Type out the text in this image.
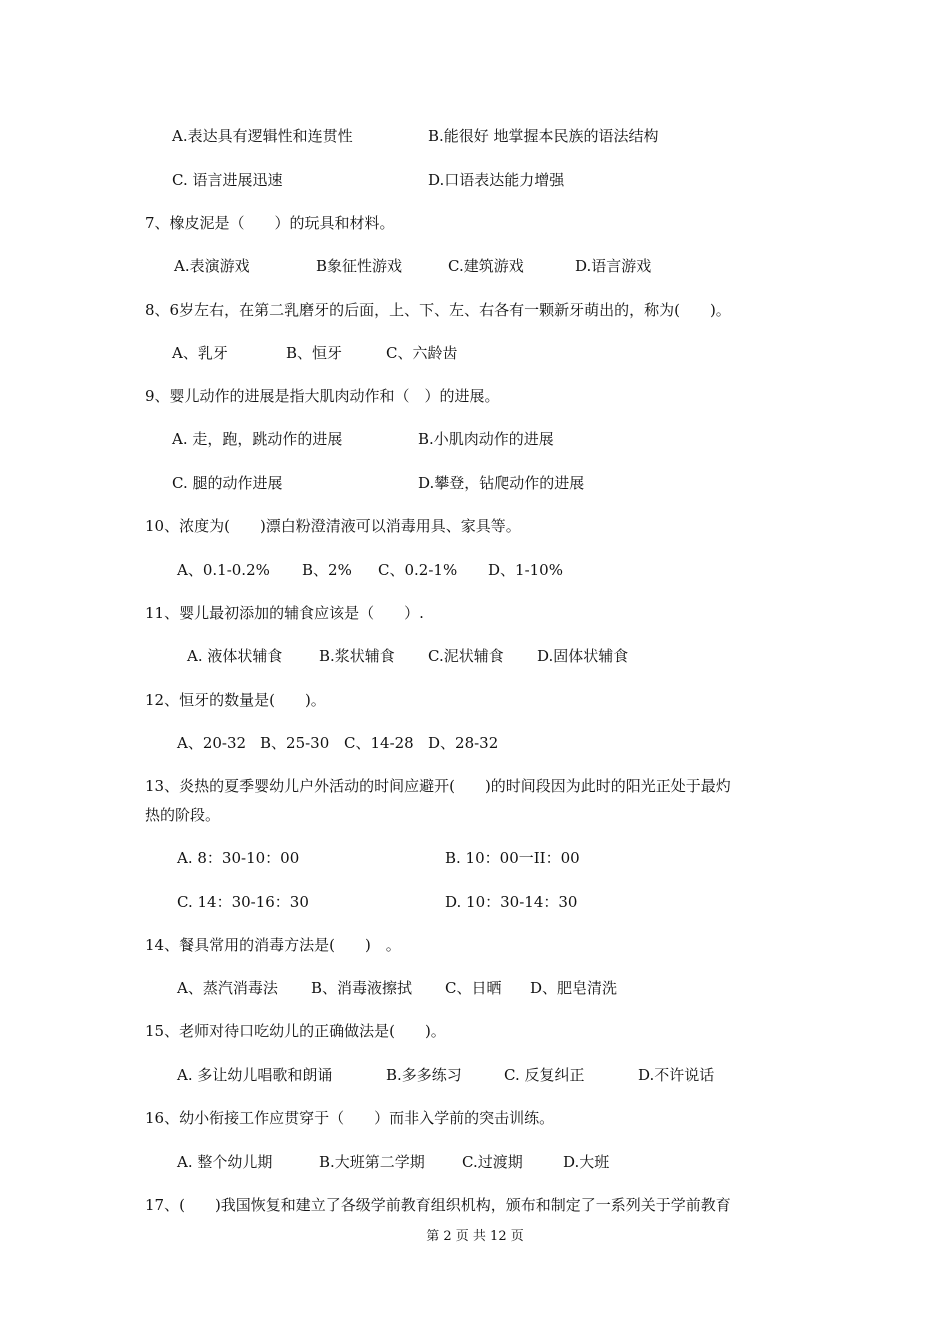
A.表达具有逻辑性和连贯性	B.能很好 地掌握本民族的语法结构
C. 语言进展迅速	D.口语表达能力增强
7、橡皮泥是（　　）的玩具和材料。
A.表演游戏	B象征性游戏	C.建筑游戏	D.语言游戏
8、6岁左右，在第二乳磨牙的后面，上、下、左、右各有一颗新牙萌出的，称为(　　)。
A、乳牙	B、恒牙	C、六龄齿
9、婴儿动作的进展是指大肌肉动作和（　）的进展。
A. 走，跑，跳动作的进展	B.小肌肉动作的进展
C. 腿的动作进展	D.攀登，钻爬动作的进展
10、浓度为(　　)漂白粉澄清液可以消毒用具、家具等。
A、0.1-0.2% B、2% C、0.2-1% D、1-10%
11、婴儿最初添加的辅食应该是（　　）.
A. 液体状辅食 B.浆状辅食 C.泥状辅食 D.固体状辅食
12、恒牙的数量是(　　)。
A、20-32 B、25-30 C、14-28 D、28-32
13、炎热的夏季婴幼儿户外活动的时间应避开(　　)的时间段因为此时的阳光正处于最灼
热的阶段。
A. 8：30-10：00	B. 10：00一II：00
C. 14：30-16：30	D. 10：30-14：30
14、餐具常用的消毒方法是(　　)　。
A、蒸汽消毒法 B、消毒液擦拭 C、日晒 D、肥皂清洗
15、老师对待口吃幼儿的正确做法是(　　)。
A. 多让幼儿唱歌和朗诵	B.多多练习	C. 反复纠正	D.不许说话
16、幼小衔接工作应贯穿于（　　）而非入学前的突击训练。
A. 整个幼儿期	B.大班第二学期 C.过渡期	D.大班
17、(　　)我国恢复和建立了各级学前教育组织机构，颁布和制定了一系列关于学前教育
第 2 页 共 12 页
